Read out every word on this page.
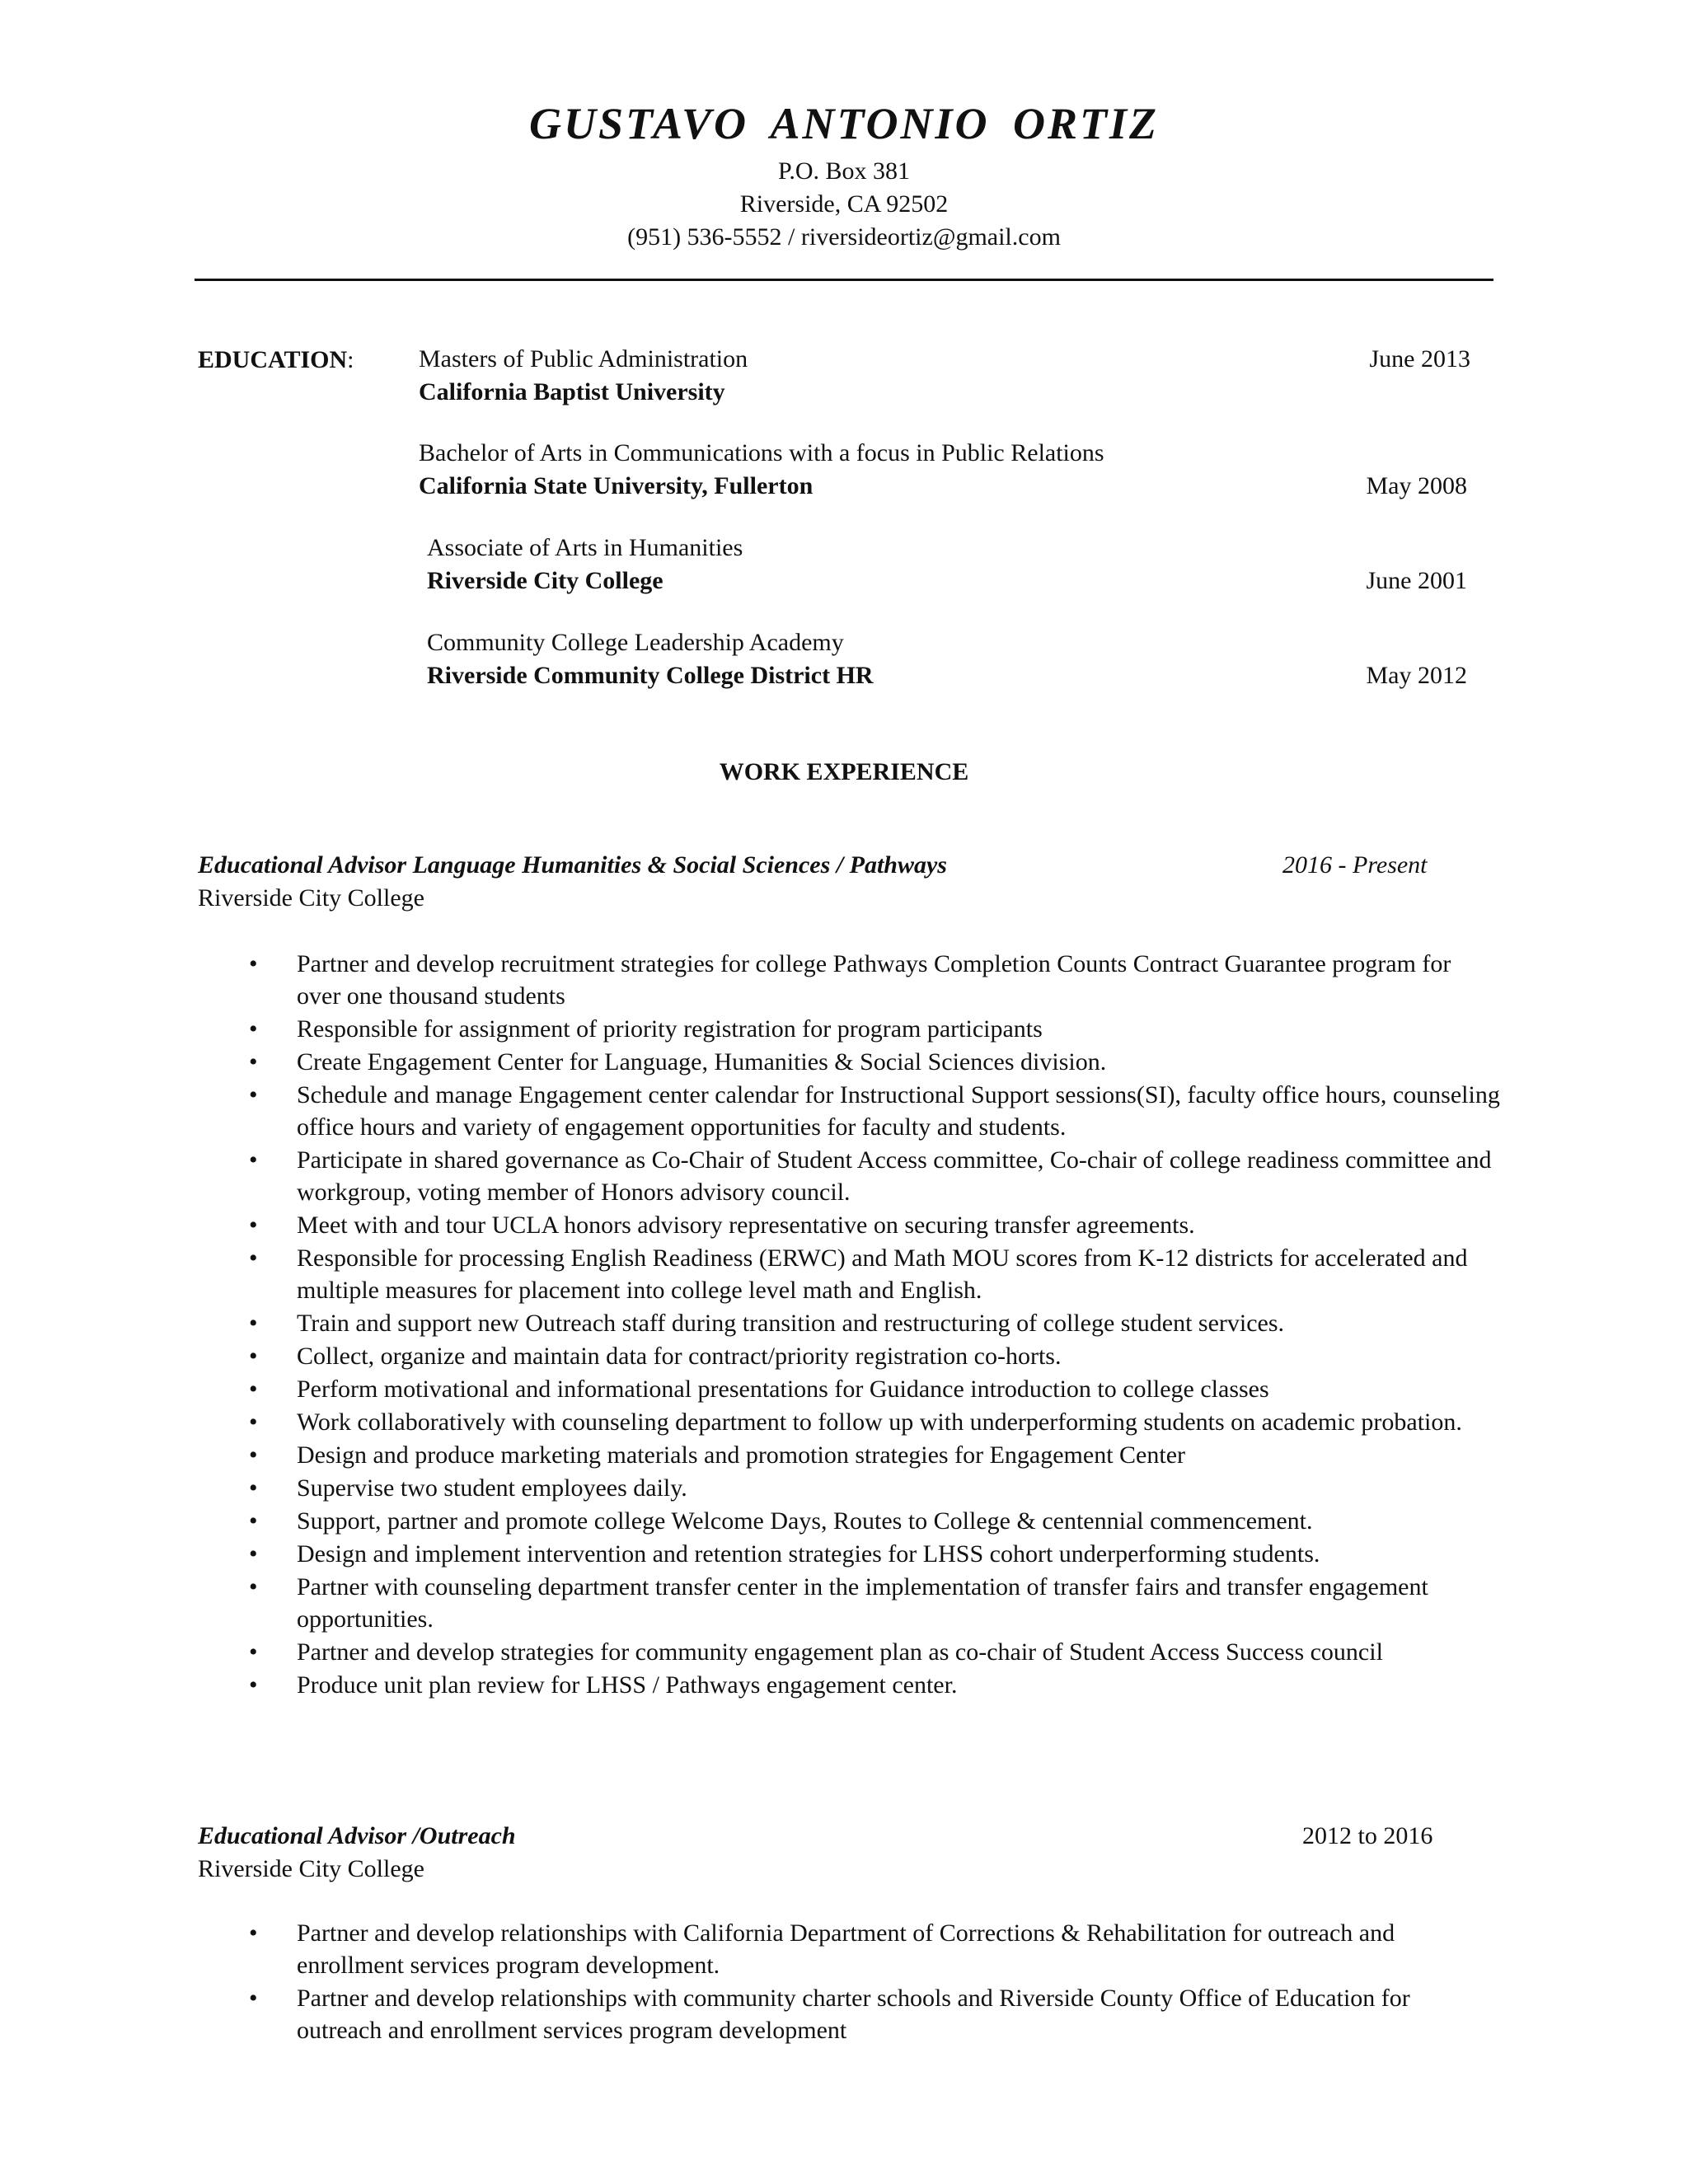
GUSTAVO ANTONIO ORTIZ
P.O. Box 381
Riverside, CA 92502
(951) 536-5552 / riversideortiz@gmail.com
EDUCATION:	Masters of Public Administration
California Baptist University
June 2013
Bachelor of Arts in Communications with a focus in Public Relations
California State University, Fullerton	May 2008
Associate of Arts in Humanities
Riverside City College	June 2001
Community College Leadership Academy
Riverside Community College District HR	May 2012
WORK EXPERIENCE
Educational Advisor Language Humanities & Social Sciences / Pathways	2016 - Present
Riverside City College
• Partner and develop recruitment strategies for college Pathways Completion Counts Contract Guarantee program for over one thousand students
• Responsible for assignment of priority registration for program participants
• Create Engagement Center for Language, Humanities & Social Sciences division.
• Schedule and manage Engagement center calendar for Instructional Support sessions(SI), faculty office hours, counseling office hours and variety of engagement opportunities for faculty and students.
• Participate in shared governance as Co-Chair of Student Access committee, Co-chair of college readiness committee and workgroup, voting member of Honors advisory council.
• Meet with and tour UCLA honors advisory representative on securing transfer agreements.
• Responsible for processing English Readiness (ERWC) and Math MOU scores from K-12 districts for accelerated and multiple measures for placement into college level math and English.
• Train and support new Outreach staff during transition and restructuring of college student services.
• Collect, organize and maintain data for contract/priority registration co-horts.
• Perform motivational and informational presentations for Guidance introduction to college classes
• Work collaboratively with counseling department to follow up with underperforming students on academic probation.
• Design and produce marketing materials and promotion strategies for Engagement Center
• Supervise two student employees daily.
• Support, partner and promote college Welcome Days, Routes to College & centennial commencement.
• Design and implement intervention and retention strategies for LHSS cohort underperforming students.
• Partner with counseling department transfer center in the implementation of transfer fairs and transfer engagement opportunities.
• Partner and develop strategies for community engagement plan as co-chair of Student Access Success council
• Produce unit plan review for LHSS / Pathways engagement center.
Educational Advisor /Outreach	2012 to 2016
Riverside City College
• Partner and develop relationships with California Department of Corrections & Rehabilitation for outreach and enrollment services program development.
• Partner and develop relationships with community charter schools and Riverside County Office of Education for outreach and enrollment services program development
